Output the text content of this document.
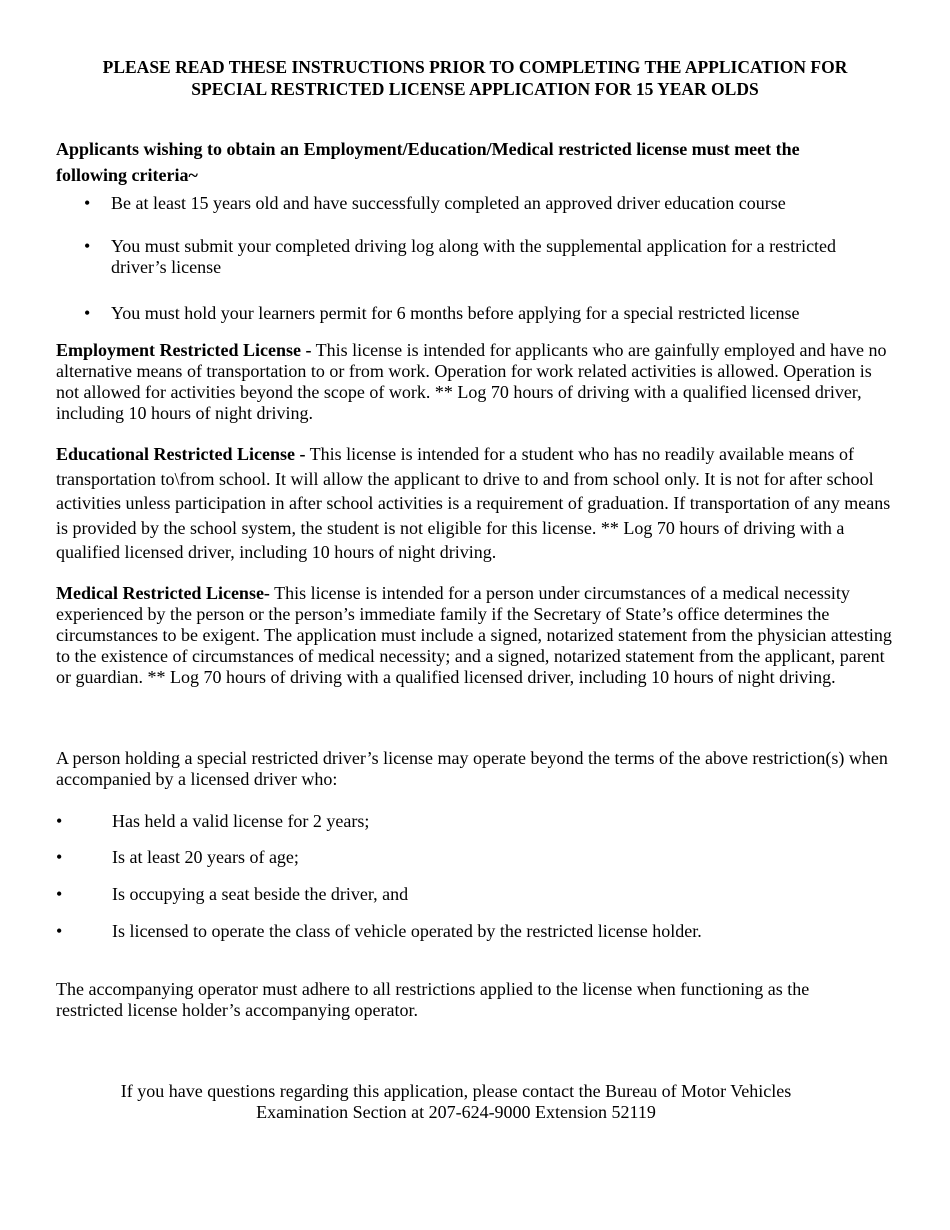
PLEASE READ THESE INSTRUCTIONS PRIOR TO COMPLETING THE APPLICATION FOR
SPECIAL RESTRICTED LICENSE APPLICATION FOR 15 YEAR OLDS

Applicants wishing to obtain an Employment/Education/Medical restricted license must meet the following criteria~

• Be at least 15 years old and have successfully completed an approved driver education course
• You must submit your completed driving log along with the supplemental application for a restricted driver’s license
• You must hold your learners permit for 6 months before applying for a special restricted license

Employment Restricted License - This license is intended for applicants who are gainfully employed and have no alternative means of transportation to or from work. Operation for work related activities is allowed. Operation is not allowed for activities beyond the scope of work. ** Log 70 hours of driving with a qualified licensed driver, including 10 hours of night driving.

Educational Restricted License - This license is intended for a student who has no readily available means of transportation to\from school. It will allow the applicant to drive to and from school only. It is not for after school activities unless participation in after school activities is a requirement of graduation. If transportation of any means is provided by the school system, the student is not eligible for this license. ** Log 70 hours of driving with a qualified licensed driver, including 10 hours of night driving.

Medical Restricted License- This license is intended for a person under circumstances of a medical necessity experienced by the person or the person’s immediate family if the Secretary of State’s office determines the circumstances to be exigent. The application must include a signed, notarized statement from the physician attesting to the existence of circumstances of medical necessity; and a signed, notarized statement from the applicant, parent or guardian. ** Log 70 hours of driving with a qualified licensed driver, including 10 hours of night driving.

A person holding a special restricted driver’s license may operate beyond the terms of the above restriction(s) when accompanied by a licensed driver who:

•	Has held a valid license for 2 years;
•	Is at least 20 years of age;
•	Is occupying a seat beside the driver, and
•	Is licensed to operate the class of vehicle operated by the restricted license holder.

The accompanying operator must adhere to all restrictions applied to the license when functioning as the restricted license holder’s accompanying operator.

If you have questions regarding this application, please contact the Bureau of Motor Vehicles
Examination Section at 207-624-9000 Extension 52119
